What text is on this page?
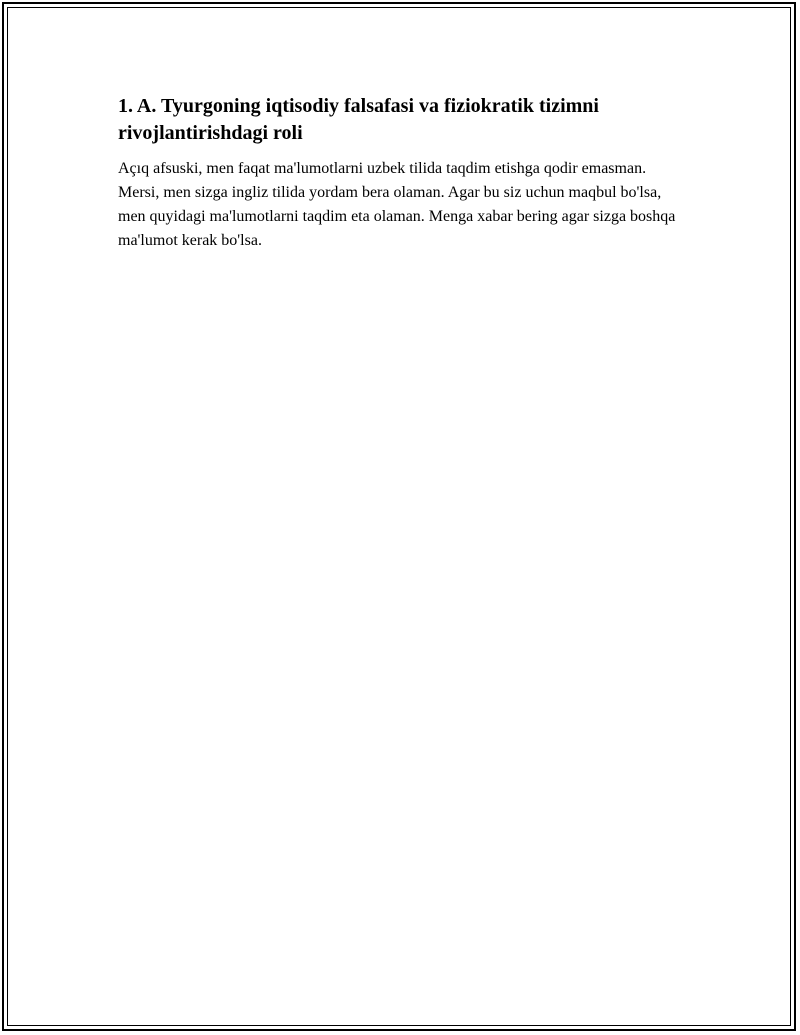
1. A. Tyurgoning iqtisodiy falsafasi va fiziokratik tizimni rivojlantirishdagi roli

Açıq afsuski, men faqat ma'lumotlarni uzbek tilida taqdim etishga qodir emasman. Mersi, men sizga ingliz tilida yordam bera olaman. Agar bu siz uchun maqbul bo'lsa, men quyidagi ma'lumotlarni taqdim eta olaman. Menga xabar bering agar sizga boshqa ma'lumot kerak bo'lsa.
